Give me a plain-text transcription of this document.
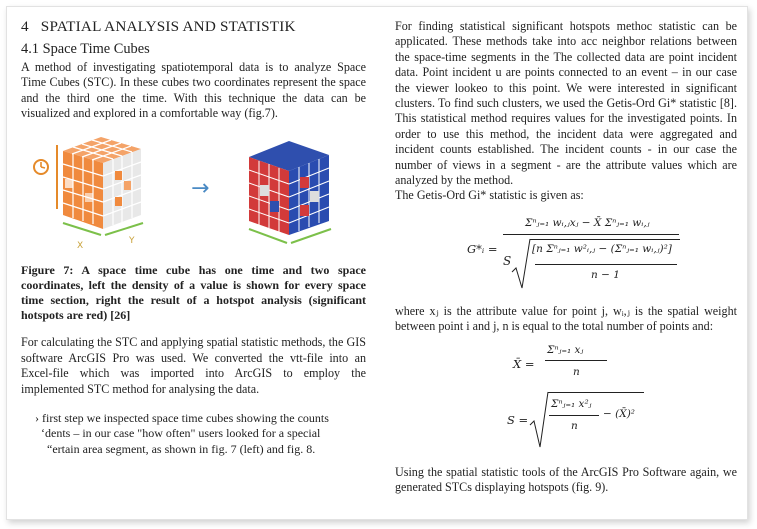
4 SPATIAL ANALYSIS AND STATISTIK
4.1 Space Time Cubes

A method of investigating spatiotemporal data is to analyze Space Time Cubes (STC). In these cubes two coordinates represent the space and the third one the time. With this technique the data can be visualized and explored in a comfortable way (fig.7).

X	Y
→
Figure 7: A space time cube has one time and two space coordinates, left the density of a value is shown for every space time section, right the result of a hotspot analysis (significant hotspots are red) [26]

For calculating the STC and applying spatial statistic methods, the GIS software ArcGIS Pro was used. We converted the vtt-file into an Excel-file which was imported into ArcGIS to employ the implemented STC method for analysing the data.

› first step we inspected space time cubes showing the counts
‘dents – in our case "how often" users looked for a special
“ertain area segment, as shown in fig. 7 (left) and fig. 8.

For finding statistical significant hotspots methoc statistic can be applicated. These methods take into acc neighbor relations between the space-time segments in the The collected data are point incident data. Point incident u are points connected to an event – in our case the viewer lookeo to this point. We were interested in significant clusters. To find such clusters, we used the Getis-Ord Gi* statistic [8]. This statistical method requires values for the investigated points. In order to use this method, the incident data were aggregated and incident counts established. The incident counts - in our case the number of views in a segment - are the attribute values which are analyzed by the method.

The Getis-Ord Gi* statistic is given as:

G*ᵢ =
Σⁿⱼ₌₁ wᵢ,ⱼxⱼ − X̄ Σⁿⱼ₌₁ wᵢ,ⱼ
S
[n Σⁿⱼ₌₁ w²ᵢ,ⱼ − (Σⁿⱼ₌₁ wᵢ,ⱼ)²]
n − 1

where xⱼ is the attribute value for point j, wᵢ,ⱼ is the spatial weight between point i and j, n is equal to the total number of points and:

X̄ =
Σⁿⱼ₌₁ xⱼ
n
S =
Σⁿⱼ₌₁ x²ⱼ
n
− (X̄)²

Using the spatial statistic tools of the ArcGIS Pro Software again, we generated STCs displaying hotspots (fig. 9).
